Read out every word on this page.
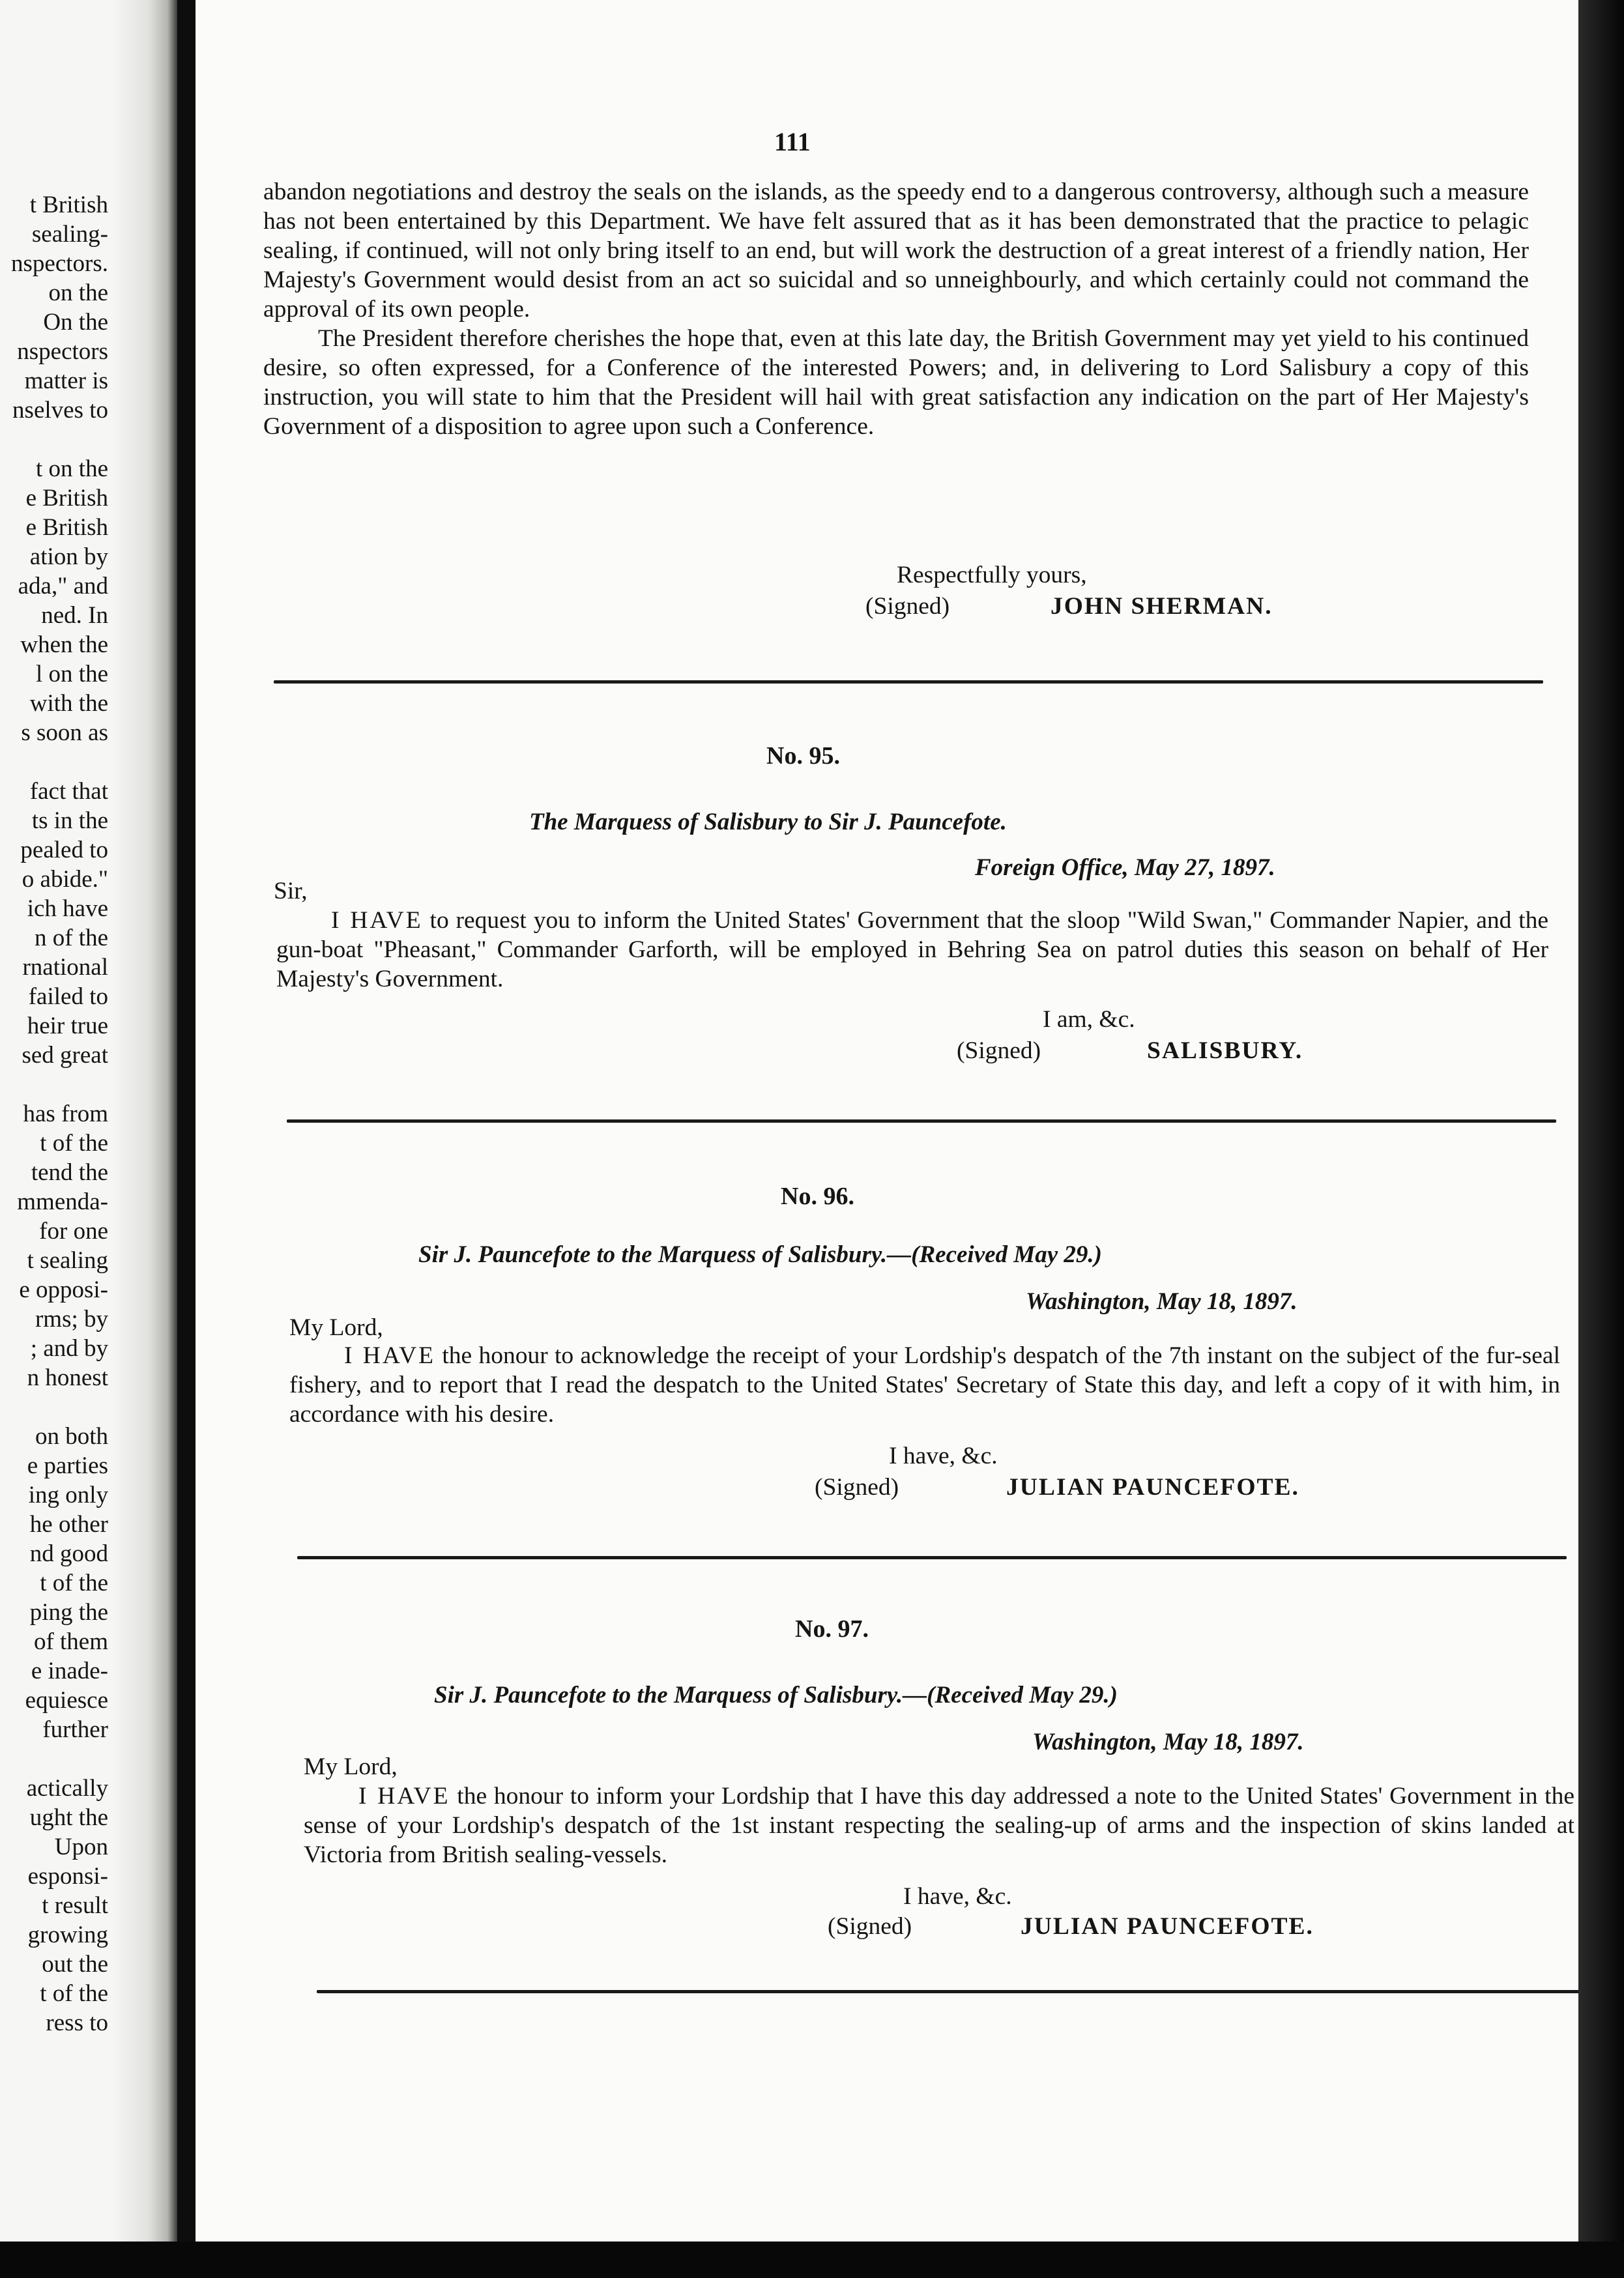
t British
sealing-
nspectors.
on the
On the
nspectors
matter is
nselves to
t on the
e British
e British
ation by
ada," and
ned. In
when the
l on the
with the
s soon as
fact that
ts in the
pealed to
o abide."
ich have
n of the
rnational
failed to
heir true
sed great
has from
t of the
tend the
mmenda-
for one
t sealing
e opposi-
rms; by
; and by
n honest
on both
e parties
ing only
he other
nd good
t of the
ping the
of them
e inade-
equiesce
further
actically
ught the
Upon
esponsi-
t result
growing
out the
t of the
ress to
111

abandon negotiations and destroy the seals on the islands, as the speedy end to a dangerous controversy, although such a measure has not been entertained by this Department. We have felt assured that as it has been demonstrated that the practice to pelagic sealing, if continued, will not only bring itself to an end, but will work the destruction of a great interest of a friendly nation, Her Majesty's Government would desist from an act so suicidal and so unneighbourly, and which certainly could not command the approval of its own people.

The President therefore cherishes the hope that, even at this late day, the British Government may yet yield to his continued desire, so often expressed, for a Conference of the interested Powers; and, in delivering to Lord Salisbury a copy of this instruction, you will state to him that the President will hail with great satisfaction any indication on the part of Her Majesty's Government of a disposition to agree upon such a Conference.

Respectfully yours,
(Signed)	JOHN SHERMAN.
No. 95.
The Marquess of Salisbury to Sir J. Pauncefote.
Foreign Office, May 27, 1897.
Sir,

I HAVE to request you to inform the United States' Government that the sloop "Wild Swan," Commander Napier, and the gun-boat "Pheasant," Commander Garforth, will be employed in Behring Sea on patrol duties this season on behalf of Her Majesty's Government.

I am, &c.
(Signed)	SALISBURY.
No. 96.
Sir J. Pauncefote to the Marquess of Salisbury.—(Received May 29.)
Washington, May 18, 1897.
My Lord,

I HAVE the honour to acknowledge the receipt of your Lordship's despatch of the 7th instant on the subject of the fur-seal fishery, and to report that I read the despatch to the United States' Secretary of State this day, and left a copy of it with him, in accordance with his desire.

I have, &c.
(Signed)	JULIAN PAUNCEFOTE.
No. 97.
Sir J. Pauncefote to the Marquess of Salisbury.—(Received May 29.)
Washington, May 18, 1897.
My Lord,

I HAVE the honour to inform your Lordship that I have this day addressed a note to the United States' Government in the sense of your Lordship's despatch of the 1st instant respecting the sealing-up of arms and the inspection of skins landed at Victoria from British sealing-vessels.

I have, &c.
(Signed)	JULIAN PAUNCEFOTE.
